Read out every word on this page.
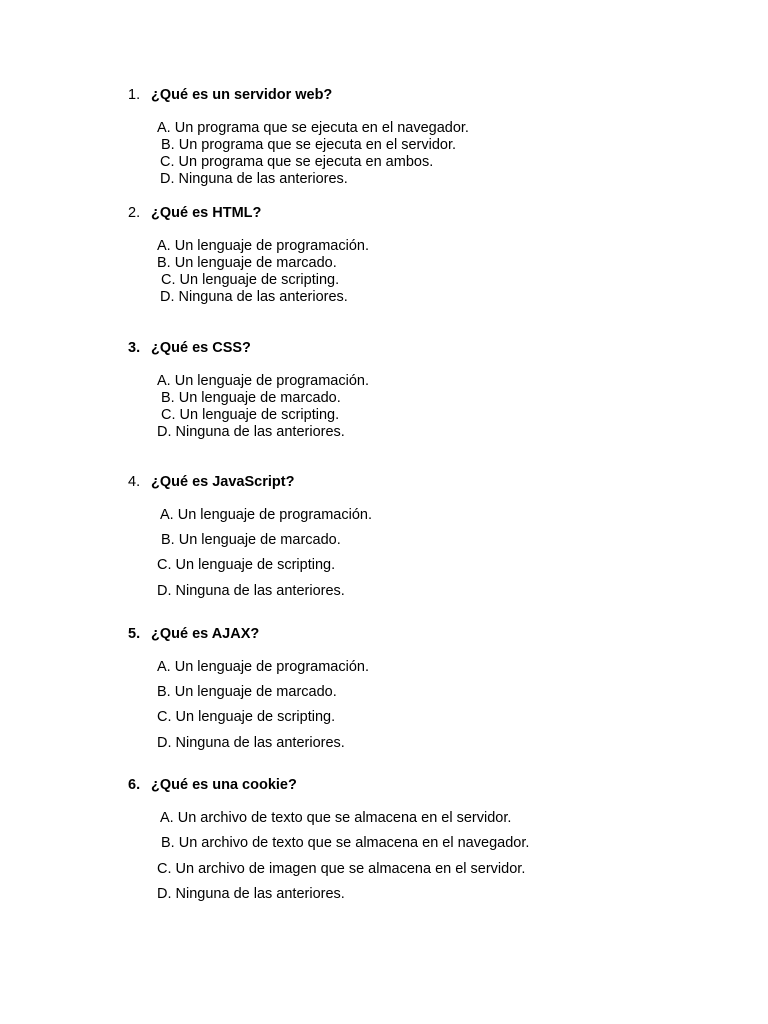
1. ¿Qué es un servidor web?
A. Un programa que se ejecuta en el navegador.
B. Un programa que se ejecuta en el servidor.
C. Un programa que se ejecuta en ambos.
D. Ninguna de las anteriores.
2. ¿Qué es HTML?
A. Un lenguaje de programación.
B. Un lenguaje de marcado.
C. Un lenguaje de scripting.
D. Ninguna de las anteriores.
3. ¿Qué es CSS?
A. Un lenguaje de programación.
B. Un lenguaje de marcado.
C. Un lenguaje de scripting.
D. Ninguna de las anteriores.
4. ¿Qué es JavaScript?
A. Un lenguaje de programación.
B. Un lenguaje de marcado.
C. Un lenguaje de scripting.
D. Ninguna de las anteriores.
5. ¿Qué es AJAX?
A. Un lenguaje de programación.
B. Un lenguaje de marcado.
C. Un lenguaje de scripting.
D. Ninguna de las anteriores.
6. ¿Qué es una cookie?
A. Un archivo de texto que se almacena en el servidor.
B. Un archivo de texto que se almacena en el navegador.
C. Un archivo de imagen que se almacena en el servidor.
D. Ninguna de las anteriores.
